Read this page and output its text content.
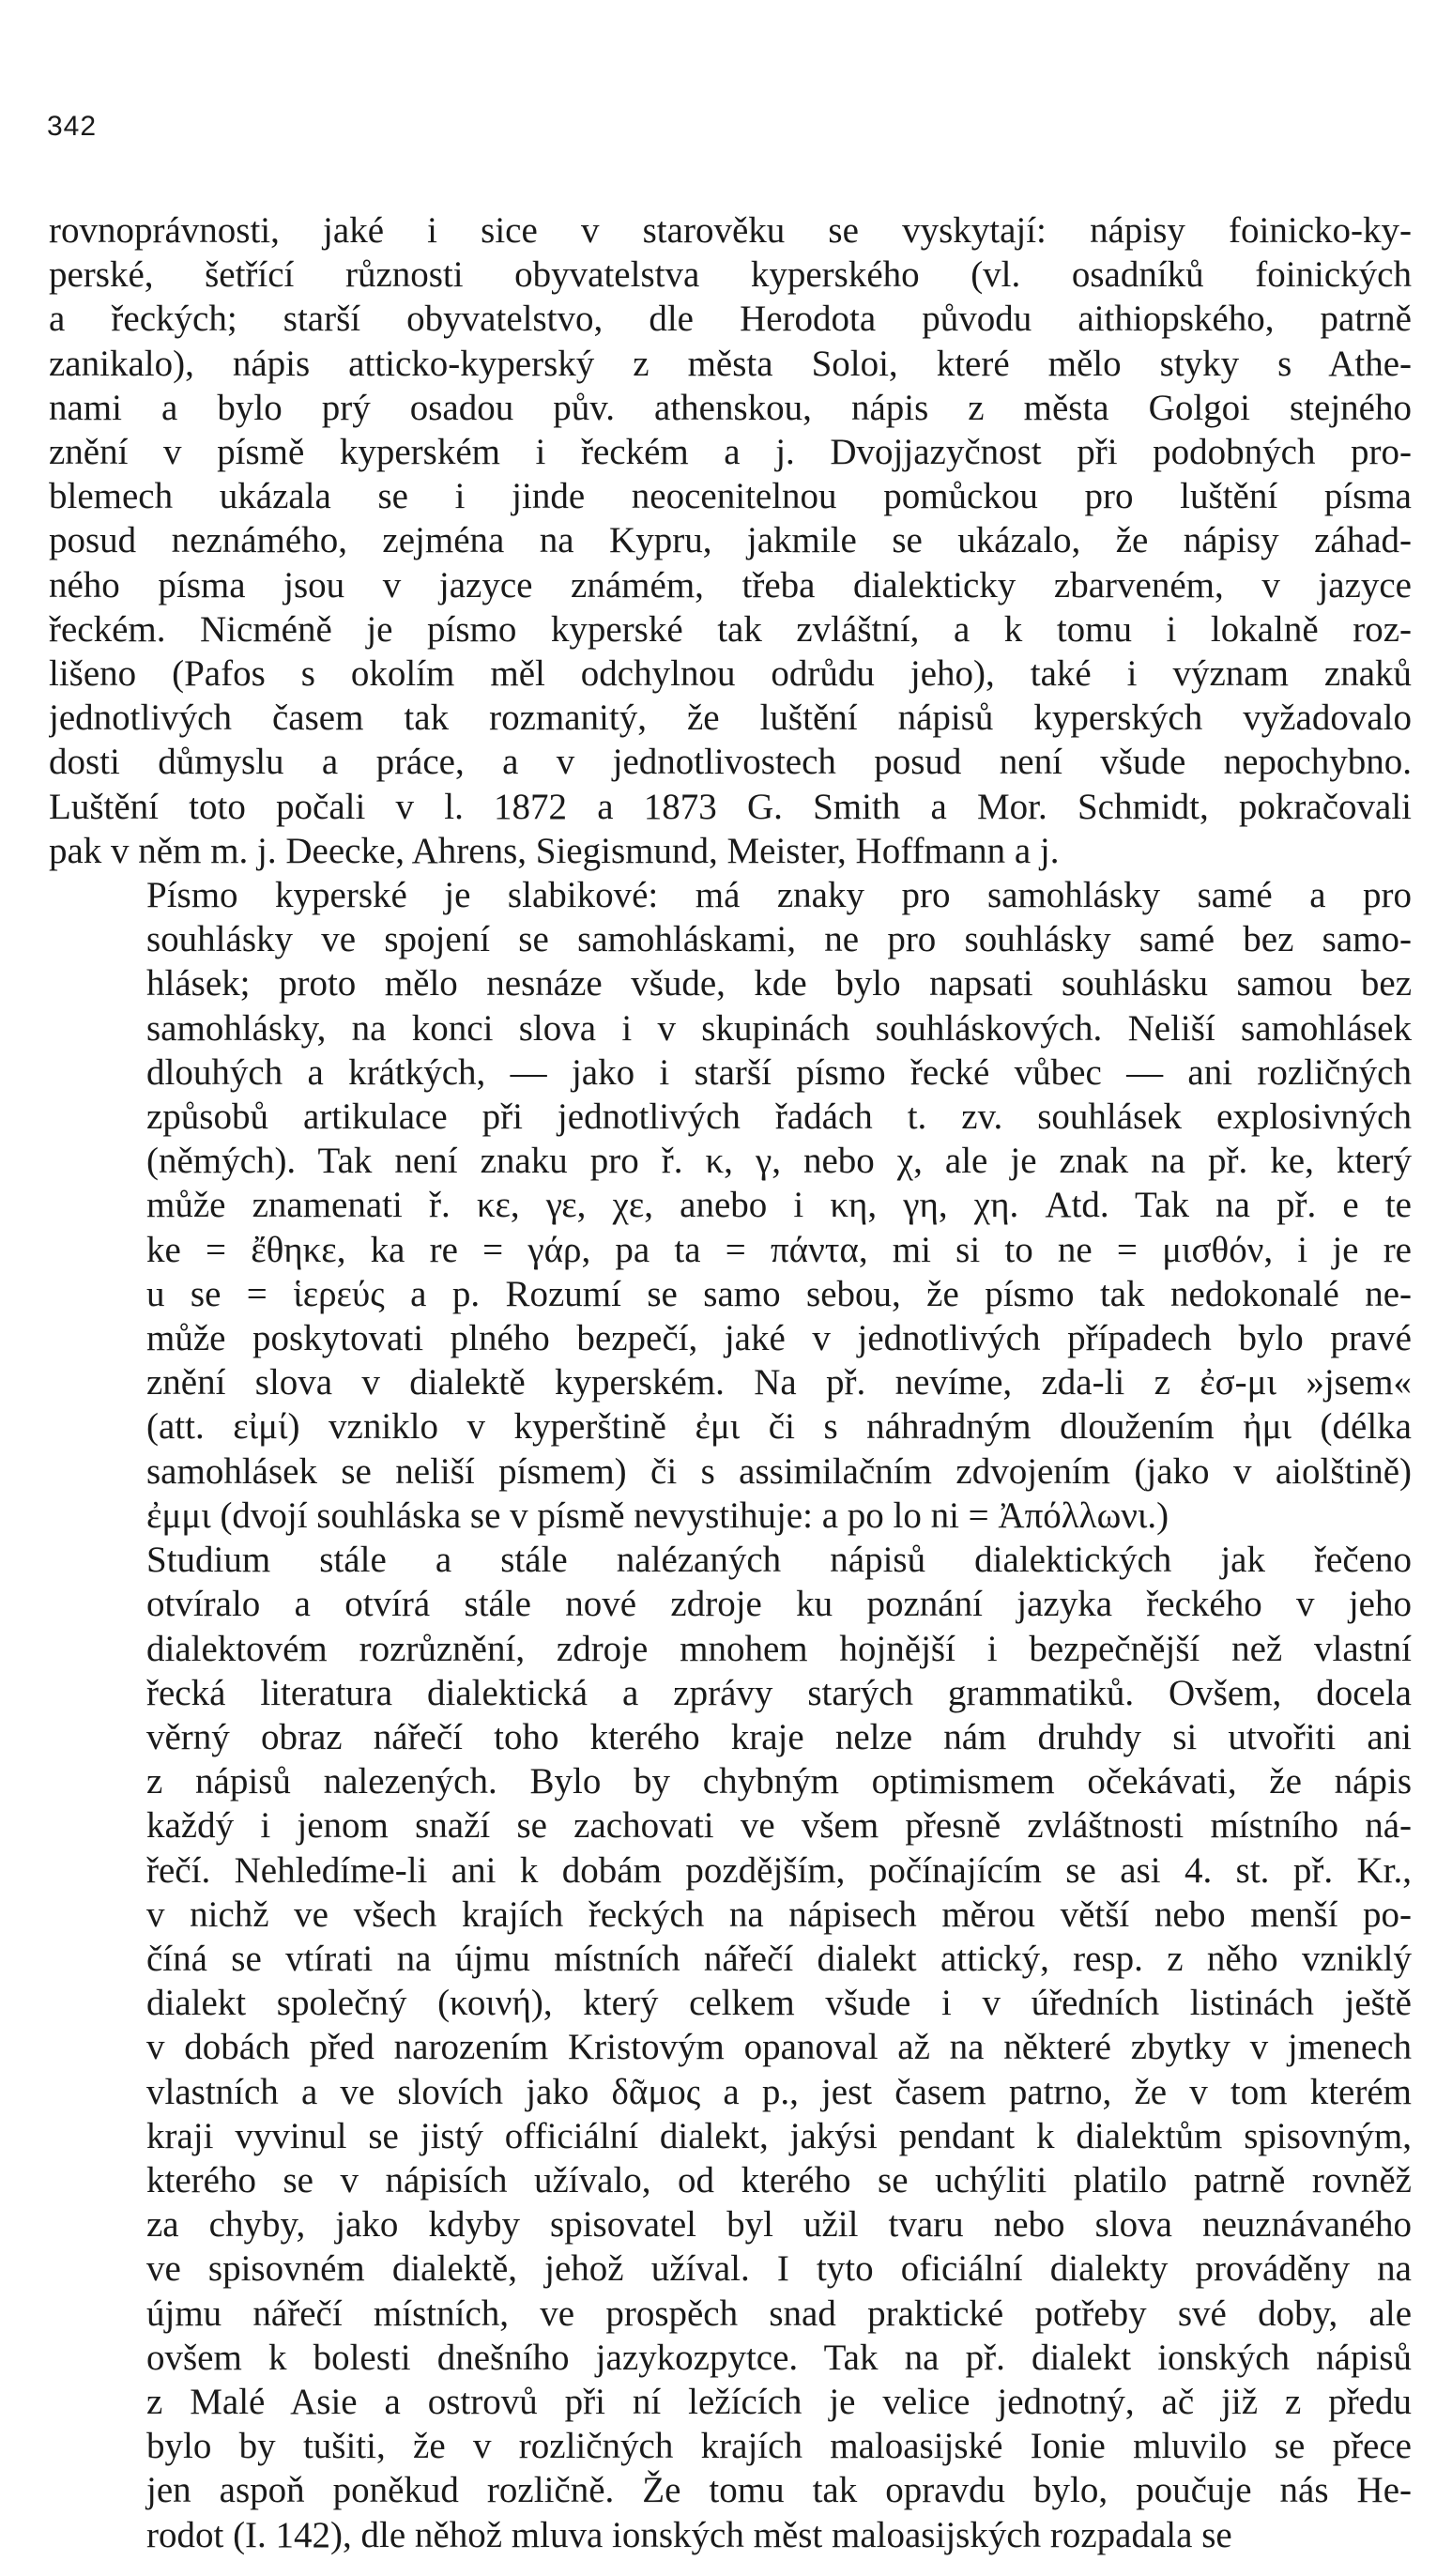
342

rovnoprávnosti, jaké i sice v starověku se vyskytají: nápisy foinicko-ky-
perské, šetřící různosti obyvatelstva kyperského (vl. osadníků foinických
a řeckých; starší obyvatelstvo, dle Herodota původu aithiopského, patrně
zanikalo), nápis atticko-kyperský z města Soloi, které mělo styky s Athe-
nami a bylo prý osadou pův. athenskou, nápis z města Golgoi stejného
znění v písmě kyperském i řeckém a j. Dvojjazyčnost při podobných pro-
blemech ukázala se i jinde neocenitelnou pomůckou pro luštění písma
posud neznámého, zejména na Kypru, jakmile se ukázalo, že nápisy záhad-
ného písma jsou v jazyce známém, třeba dialekticky zbarveném, v jazyce
řeckém. Nicméně je písmo kyperské tak zvláštní, a k tomu i lokalně roz-
lišeno (Pafos s okolím měl odchylnou odrůdu jeho), také i význam znaků
jednotlivých časem tak rozmanitý, že luštění nápisů kyperských vyžadovalo
dosti důmyslu a práce, a v jednotlivostech posud není všude nepochybno.
Luštění toto počali v l. 1872 a 1873 G. Smith a Mor. Schmidt, pokračovali
pak v něm m. j. Deecke, Ahrens, Siegismund, Meister, Hoffmann a j.

Písmo kyperské je slabikové: má znaky pro samohlásky samé a pro
souhlásky ve spojení se samohláskami, ne pro souhlásky samé bez samo-
hlásek; proto mělo nesnáze všude, kde bylo napsati souhlásku samou bez
samohlásky, na konci slova i v skupinách souhláskových. Neliší samohlásek
dlouhých a krátkých, — jako i starší písmo řecké vůbec — ani rozličných
způsobů artikulace při jednotlivých řadách t. zv. souhlásek explosivných
(němých). Tak není znaku pro ř. κ, γ, nebo χ, ale je znak na př. ke, který
může znamenati ř. κε, γε, χε, anebo i κη, γη, χη. Atd. Tak na př. e te
ke = ἔθηκε, ka re = γάρ, pa ta = πάντα, mi si to ne = μισθόν, i je re
u se = ἱερεύς a p. Rozumí se samo sebou, že písmo tak nedokonalé ne-
může poskytovati plného bezpečí, jaké v jednotlivých případech bylo pravé
znění slova v dialektě kyperském. Na př. nevíme, zda-li z ἐσ-μι »jsem«
(att. εἰμί) vzniklo v kyperštině ἐμι či s náhradným dloužením ἠμι (délka
samohlásek se neliší písmem) či s assimilačním zdvojením (jako v aiolštině)
ἐμμι (dvojí souhláska se v písmě nevystihuje: a po lo ni = Ἀπόλλωνι.)

Studium stále a stále nalézaných nápisů dialektických jak řečeno
otvíralo a otvírá stále nové zdroje ku poznání jazyka řeckého v jeho
dialektovém rozrůznění, zdroje mnohem hojnější i bezpečnější než vlastní
řecká literatura dialektická a zprávy starých grammatiků. Ovšem, docela
věrný obraz nářečí toho kterého kraje nelze nám druhdy si utvořiti ani
z nápisů nalezených. Bylo by chybným optimismem očekávati, že nápis
každý i jenom snaží se zachovati ve všem přesně zvláštnosti místního ná-
řečí. Nehledíme-li ani k dobám pozdějším, počínajícím se asi 4. st. př. Kr.,
v nichž ve všech krajích řeckých na nápisech měrou větší nebo menší po-
číná se vtírati na újmu místních nářečí dialekt attický, resp. z něho vzniklý
dialekt společný (κοινή), který celkem všude i v úředních listinách ještě
v dobách před narozením Kristovým opanoval až na některé zbytky v jmenech
vlastních a ve slovích jako δᾶμος a p., jest časem patrno, že v tom kterém
kraji vyvinul se jistý officiální dialekt, jakýsi pendant k dialektům spisovným,
kterého se v nápisích užívalo, od kterého se uchýliti platilo patrně rovněž
za chyby, jako kdyby spisovatel byl užil tvaru nebo slova neuznávaného
ve spisovném dialektě, jehož užíval. I tyto oficiální dialekty prováděny na
újmu nářečí místních, ve prospěch snad praktické potřeby své doby, ale
ovšem k bolesti dnešního jazykozpytce. Tak na př. dialekt ionských nápisů
z Malé Asie a ostrovů při ní ležících je velice jednotný, ač již z předu
bylo by tušiti, že v rozličných krajích maloasijské Ionie mluvilo se přece
jen aspoň poněkud rozličně. Že tomu tak opravdu bylo, poučuje nás He-
rodot (I. 142), dle něhož mluva ionských měst maloasijských rozpadala se
